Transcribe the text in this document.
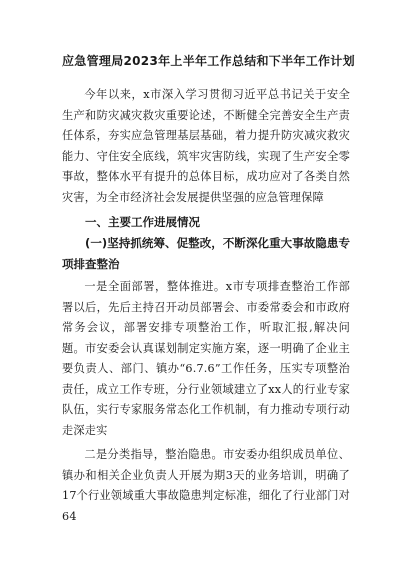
应急管理局2023年上半年工作总结和下半年工作计划

今年以来，x市深入学习贯彻习近平总书记关于安全生产和防灾减灾救灾重要论述，不断健全完善安全生产责任体系，夯实应急管理基层基础，着力提升防灾减灾救灾能力、守住安全底线，筑牢灾害防线，实现了生产安全零事故，整体水平有提升的总体目标，成功应对了各类自然灾害，为全市经济社会发展提供坚强的应急管理保障

一、主要工作进展情况

(一)坚持抓统筹、促整改，不断深化重大事故隐患专项排查整治

一是全面部署，整体推进。x市专项排查整治工作部署以后，先后主持召开动员部署会、市委常委会和市政府常务会议，部署安排专项整治工作，听取汇报,解决问题。市安委会认真谋划制定实施方案，逐一明确了企业主要负责人、部门、镇办“6.7.6”工作任务，压实专项整治责任，成立工作专班，分行业领域建立了xx人的行业专家队伍，实行专家服务常态化工作机制，有力推动专项行动走深走实

二是分类指导，整治隐患。市安委办组织成员单位、镇办和相关企业负责人开展为期3天的业务培训，明确了17个行业领域重大事故隐患判定标准，细化了行业部门对64
